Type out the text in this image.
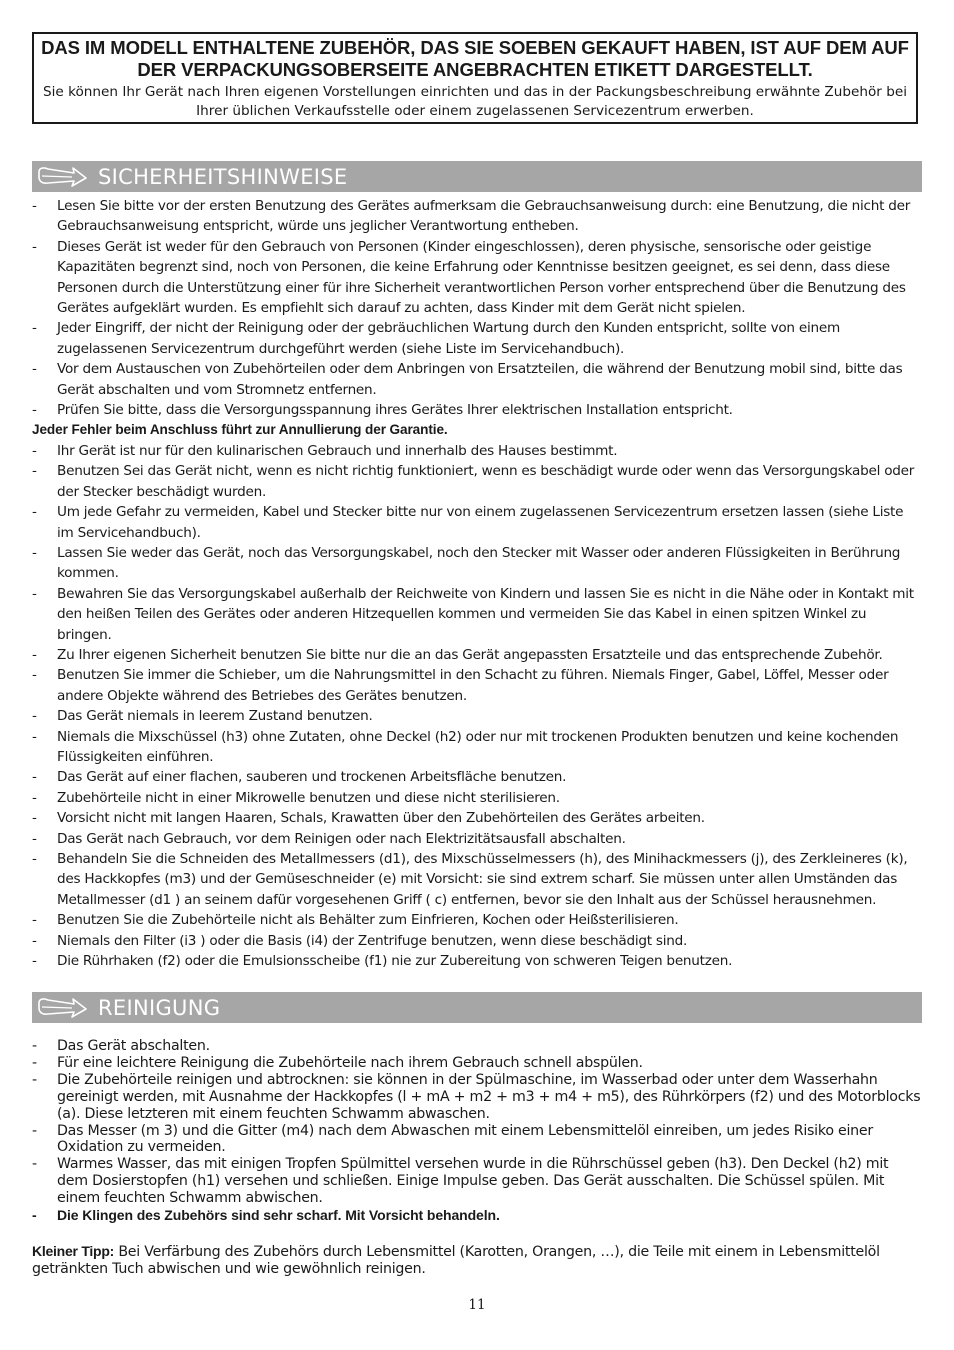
DAS IM MODELL ENTHALTENE ZUBEHÖR, DAS SIE SOEBEN GEKAUFT HABEN, IST AUF DEM AUF DER VERPACKUNGSOBERSEITE ANGEBRACHTEN ETIKETT DARGESTELLT.
Sie können Ihr Gerät nach Ihren eigenen Vorstellungen einrichten und das in der Packungsbeschreibung erwähnte Zubehör bei Ihrer üblichen Verkaufsstelle oder einem zugelassenen Servicezentrum erwerben.
SICHERHEITSHINWEISE
- Lesen Sie bitte vor der ersten Benutzung des Gerätes aufmerksam die Gebrauchsanweisung durch: eine Benutzung, die nicht der Gebrauchsanweisung entspricht, würde uns jeglicher Verantwortung entheben.
- Dieses Gerät ist weder für den Gebrauch von Personen (Kinder eingeschlossen), deren physische, sensorische oder geistige Kapazitäten begrenzt sind, noch von Personen, die keine Erfahrung oder Kenntnisse besitzen geeignet, es sei denn, dass diese Personen durch die Unterstützung einer für ihre Sicherheit verantwortlichen Person vorher entsprechend über die Benutzung des Gerätes aufgeklärt wurden. Es empfiehlt sich darauf zu achten, dass Kinder mit dem Gerät nicht spielen.
- Jeder Eingriff, der nicht der Reinigung oder der gebräuchlichen Wartung durch den Kunden entspricht, sollte von einem zugelassenen Servicezentrum durchgeführt werden (siehe Liste im Servicehandbuch).
- Vor dem Austauschen von Zubehörteilen oder dem Anbringen von Ersatzteilen, die während der Benutzung mobil sind, bitte das Gerät abschalten und vom Stromnetz entfernen.
- Prüfen Sie bitte, dass die Versorgungsspannung ihres Gerätes Ihrer elektrischen Installation entspricht.
Jeder Fehler beim Anschluss führt zur Annullierung der Garantie.
- Ihr Gerät ist nur für den kulinarischen Gebrauch und innerhalb des Hauses bestimmt.
- Benutzen Sei das Gerät nicht, wenn es nicht richtig funktioniert, wenn es beschädigt wurde oder wenn das Versorgungskabel oder der Stecker beschädigt wurden.
- Um jede Gefahr zu vermeiden, Kabel und Stecker bitte nur von einem zugelassenen Servicezentrum ersetzen lassen (siehe Liste im Servicehandbuch).
- Lassen Sie weder das Gerät, noch das Versorgungskabel, noch den Stecker mit Wasser oder anderen Flüssigkeiten in Berührung kommen.
- Bewahren Sie das Versorgungskabel außerhalb der Reichweite von Kindern und lassen Sie es nicht in die Nähe oder in Kontakt mit den heißen Teilen des Gerätes oder anderen Hitzequellen kommen und vermeiden Sie das Kabel in einen spitzen Winkel zu bringen.
- Zu Ihrer eigenen Sicherheit benutzen Sie bitte nur die an das Gerät angepassten Ersatzteile und das entsprechende Zubehör.
- Benutzen Sie immer die Schieber, um die Nahrungsmittel in den Schacht zu führen. Niemals Finger, Gabel, Löffel, Messer oder andere Objekte während des Betriebes des Gerätes benutzen.
- Das Gerät niemals in leerem Zustand benutzen.
- Niemals die Mixschüssel (h3) ohne Zutaten, ohne Deckel (h2) oder nur mit trockenen Produkten benutzen und keine kochenden Flüssigkeiten einführen.
- Das Gerät auf einer flachen, sauberen und trockenen Arbeitsfläche benutzen.
- Zubehörteile nicht in einer Mikrowelle benutzen und diese nicht sterilisieren.
- Vorsicht nicht mit langen Haaren, Schals, Krawatten über den Zubehörteilen des Gerätes arbeiten.
- Das Gerät nach Gebrauch, vor dem Reinigen oder nach Elektrizitätsausfall abschalten.
- Behandeln Sie die Schneiden des Metallmessers (d1), des Mixschüsselmessers (h), des Minihackmessers (j), des Zerkleineres (k), des Hackkopfes (m3) und der Gemüseschneider (e) mit Vorsicht: sie sind extrem scharf. Sie müssen unter allen Umständen das Metallmesser (d1 ) an seinem dafür vorgesehenen Griff ( c) entfernen, bevor sie den Inhalt aus der Schüssel herausnehmen.
- Benutzen Sie die Zubehörteile nicht als Behälter zum Einfrieren, Kochen oder Heißsterilisieren.
- Niemals den Filter (i3 ) oder die Basis (i4) der Zentrifuge benutzen, wenn diese beschädigt sind.
- Die Rührhaken (f2) oder die Emulsionsscheibe (f1) nie zur Zubereitung von schweren Teigen benutzen.
REINIGUNG
- Das Gerät abschalten.
- Für eine leichtere Reinigung die Zubehörteile nach ihrem Gebrauch schnell abspülen.
- Die Zubehörteile reinigen und abtrocknen: sie können in der Spülmaschine, im Wasserbad oder unter dem Wasserhahn gereinigt werden, mit Ausnahme der Hackkopfes (l + mA + m2 + m3 + m4 + m5), des Rührkörpers (f2) und des Motorblocks (a). Diese letzteren mit einem feuchten Schwamm abwaschen.
- Das Messer (m 3) und die Gitter (m4) nach dem Abwaschen mit einem Lebensmittelöl einreiben, um jedes Risiko einer Oxidation zu vermeiden.
- Warmes Wasser, das mit einigen Tropfen Spülmittel versehen wurde in die Rührschüssel geben (h3). Den Deckel (h2) mit dem Dosierstopfen (h1) versehen und schließen. Einige Impulse geben. Das Gerät ausschalten. Die Schüssel spülen. Mit einem feuchten Schwamm abwischen.
- Die Klingen des Zubehörs sind sehr scharf. Mit Vorsicht behandeln.
Kleiner Tipp: Bei Verfärbung des Zubehörs durch Lebensmittel (Karotten, Orangen, …), die Teile mit einem in Lebensmittelöl getränkten Tuch abwischen und wie gewöhnlich reinigen.
11
